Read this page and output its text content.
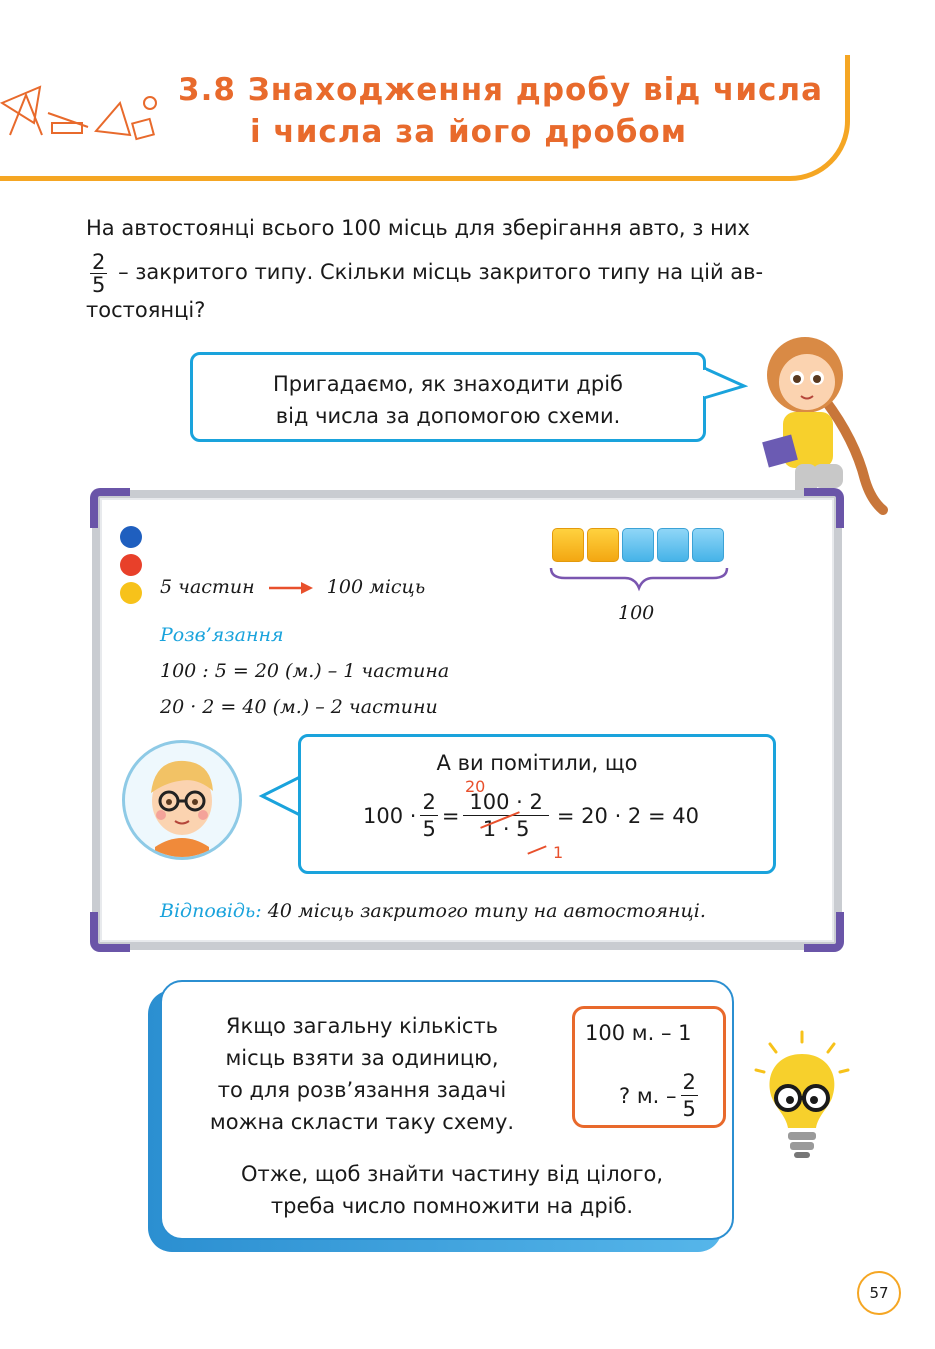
3.8 Знаходження дробу від числа
і числа за його дробом
На автостоянці всього 100 місць для зберігання авто, з них
$\frac{2}{5}$ – закритого типу. Скільки місць закритого типу на цій ав-
тостоянці?
Пригадаємо, як знаходити дріб
від числа за допомогою схеми.
5 частин	100 місць
100
Розв’язання
100 : 5 = 20 (м.) – 1 частина
20 · 2 = 40 (м.) – 2 частини
А ви помітили, що
20
$100 \cdot \frac{2}{5} = \frac{100 \cdot 2}{1 \cdot 5} = 20 \cdot 2 = 40$
1
Відповідь: 40 місць закритого типу на автостоянці.
Якщо загальну кількість
місць взяти за одиницю,
то для розв’язання задачі
можна скласти таку схему.
100 м. – 1
? м. – $\frac{2}{5}$
Отже, щоб знайти частину від цілого,
треба число помножити на дріб.
57
